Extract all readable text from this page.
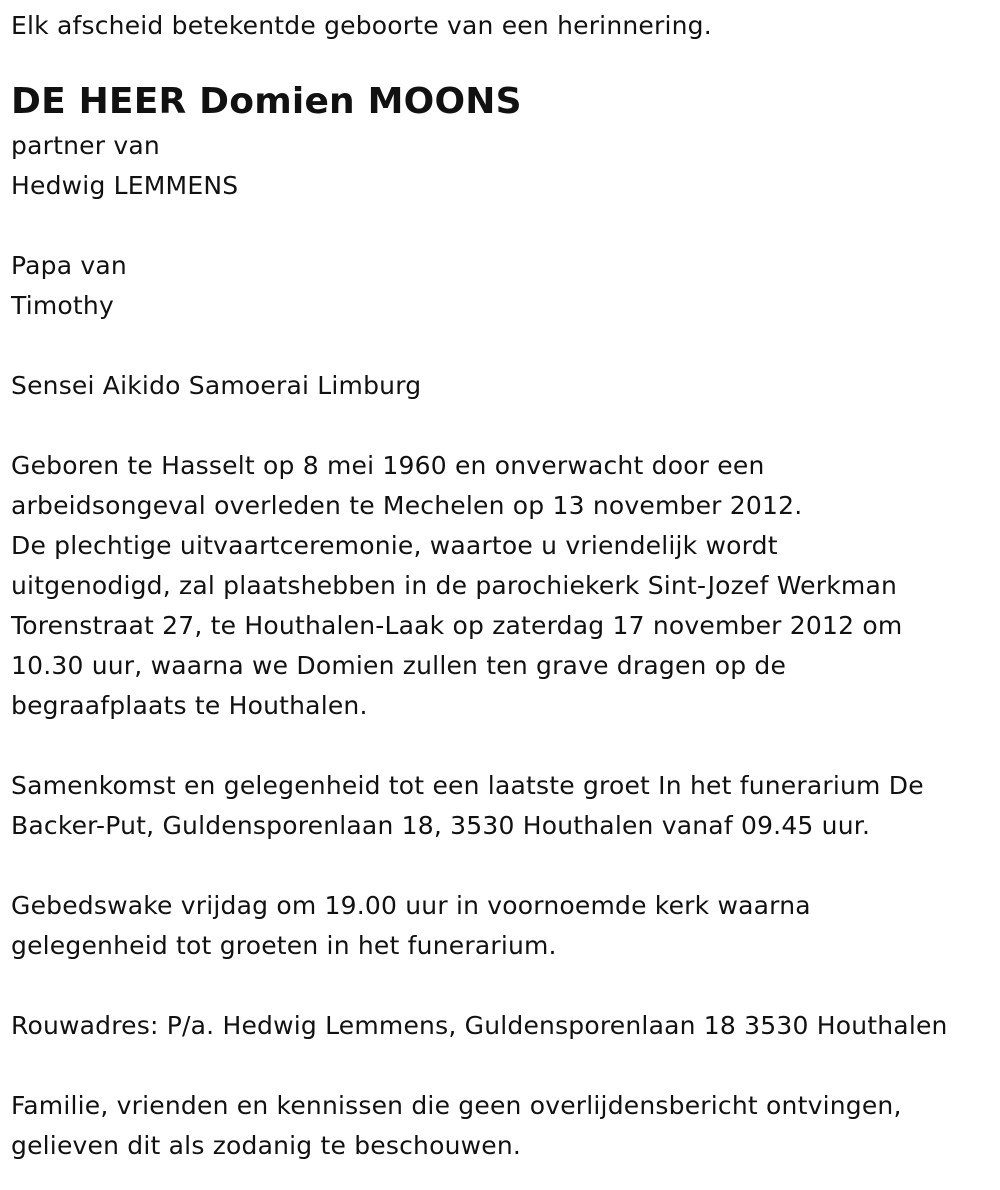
Elk afscheid betekentde geboorte van een herinnering.
DE HEER Domien MOONS
partner van
Hedwig LEMMENS
Papa van
Timothy
Sensei Aikido Samoerai Limburg
Geboren te Hasselt op 8 mei 1960 en onverwacht door een
arbeidsongeval overleden te Mechelen op 13 november 2012.
De plechtige uitvaartceremonie, waartoe u vriendelijk wordt
uitgenodigd, zal plaatshebben in de parochiekerk Sint-Jozef Werkman
Torenstraat 27, te Houthalen-Laak op zaterdag 17 november 2012 om
10.30 uur, waarna we Domien zullen ten grave dragen op de
begraafplaats te Houthalen.
Samenkomst en gelegenheid tot een laatste groet In het funerarium De
Backer-Put, Guldensporenlaan 18, 3530 Houthalen vanaf 09.45 uur.
Gebedswake vrijdag om 19.00 uur in voornoemde kerk waarna
gelegenheid tot groeten in het funerarium.
Rouwadres: P/a. Hedwig Lemmens, Guldensporenlaan 18 3530 Houthalen
Familie, vrienden en kennissen die geen overlijdensbericht ontvingen,
gelieven dit als zodanig te beschouwen.
